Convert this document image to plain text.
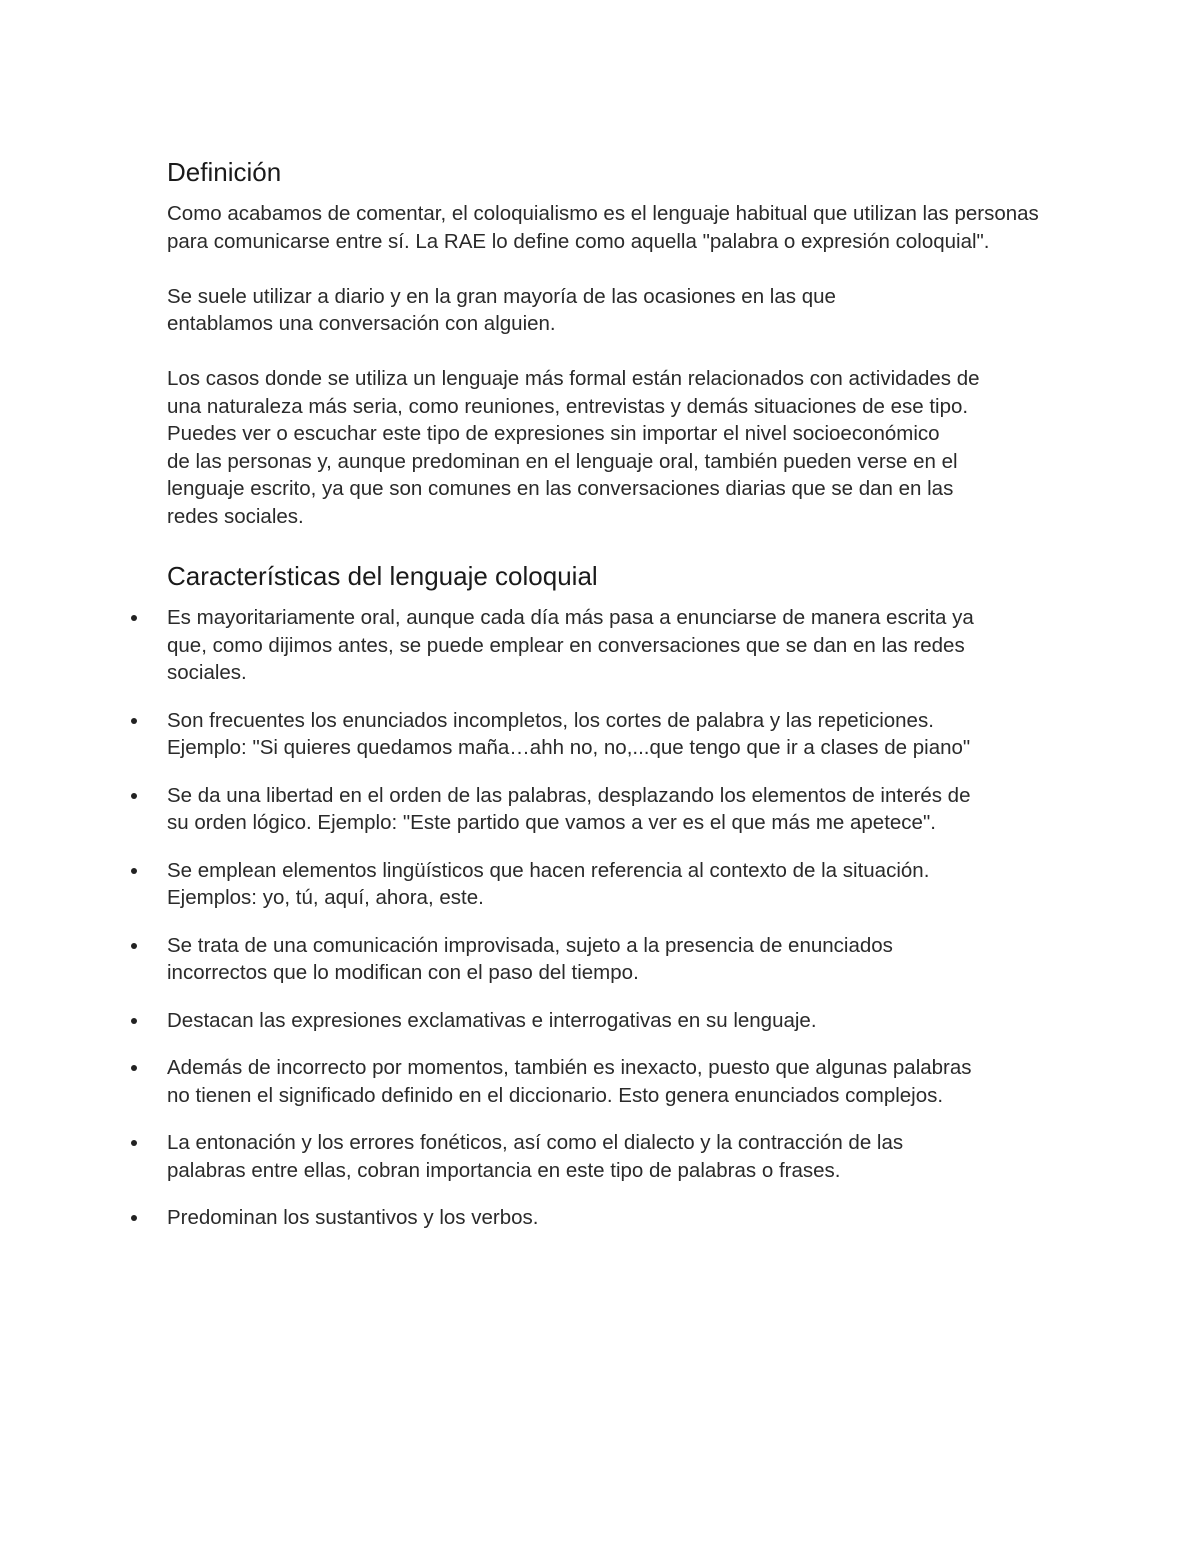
Definición

Como acabamos de comentar, el coloquialismo es el lenguaje habitual que utilizan las personas para comunicarse entre sí. La RAE lo define como aquella "palabra o expresión coloquial".

Se suele utilizar a diario y en la gran mayoría de las ocasiones en las que entablamos una conversación con alguien.

Los casos donde se utiliza un lenguaje más formal están relacionados con actividades de una naturaleza más seria, como reuniones, entrevistas y demás situaciones de ese tipo.

Puedes ver o escuchar este tipo de expresiones sin importar el nivel socioeconómico de las personas y, aunque predominan en el lenguaje oral, también pueden verse en el lenguaje escrito, ya que son comunes en las conversaciones diarias que se dan en las redes sociales.

Características del lenguaje coloquial
Es mayoritariamente oral, aunque cada día más pasa a enunciarse de manera escrita ya que, como dijimos antes, se puede emplear en conversaciones que se dan en las redes sociales.
Son frecuentes los enunciados incompletos, los cortes de palabra y las repeticiones. Ejemplo: "Si quieres quedamos maña…ahh no, no,...que tengo que ir a clases de piano"
Se da una libertad en el orden de las palabras, desplazando los elementos de interés de su orden lógico. Ejemplo: "Este partido que vamos a ver es el que más me apetece".
Se emplean elementos lingüísticos que hacen referencia al contexto de la situación. Ejemplos: yo, tú, aquí, ahora, este.
Se trata de una comunicación improvisada, sujeto a la presencia de enunciados incorrectos que lo modifican con el paso del tiempo.
Destacan las expresiones exclamativas e interrogativas en su lenguaje.
Además de incorrecto por momentos, también es inexacto, puesto que algunas palabras no tienen el significado definido en el diccionario. Esto genera enunciados complejos.
La entonación y los errores fonéticos, así como el dialecto y la contracción de las palabras entre ellas, cobran importancia en este tipo de palabras o frases.
Predominan los sustantivos y los verbos.
